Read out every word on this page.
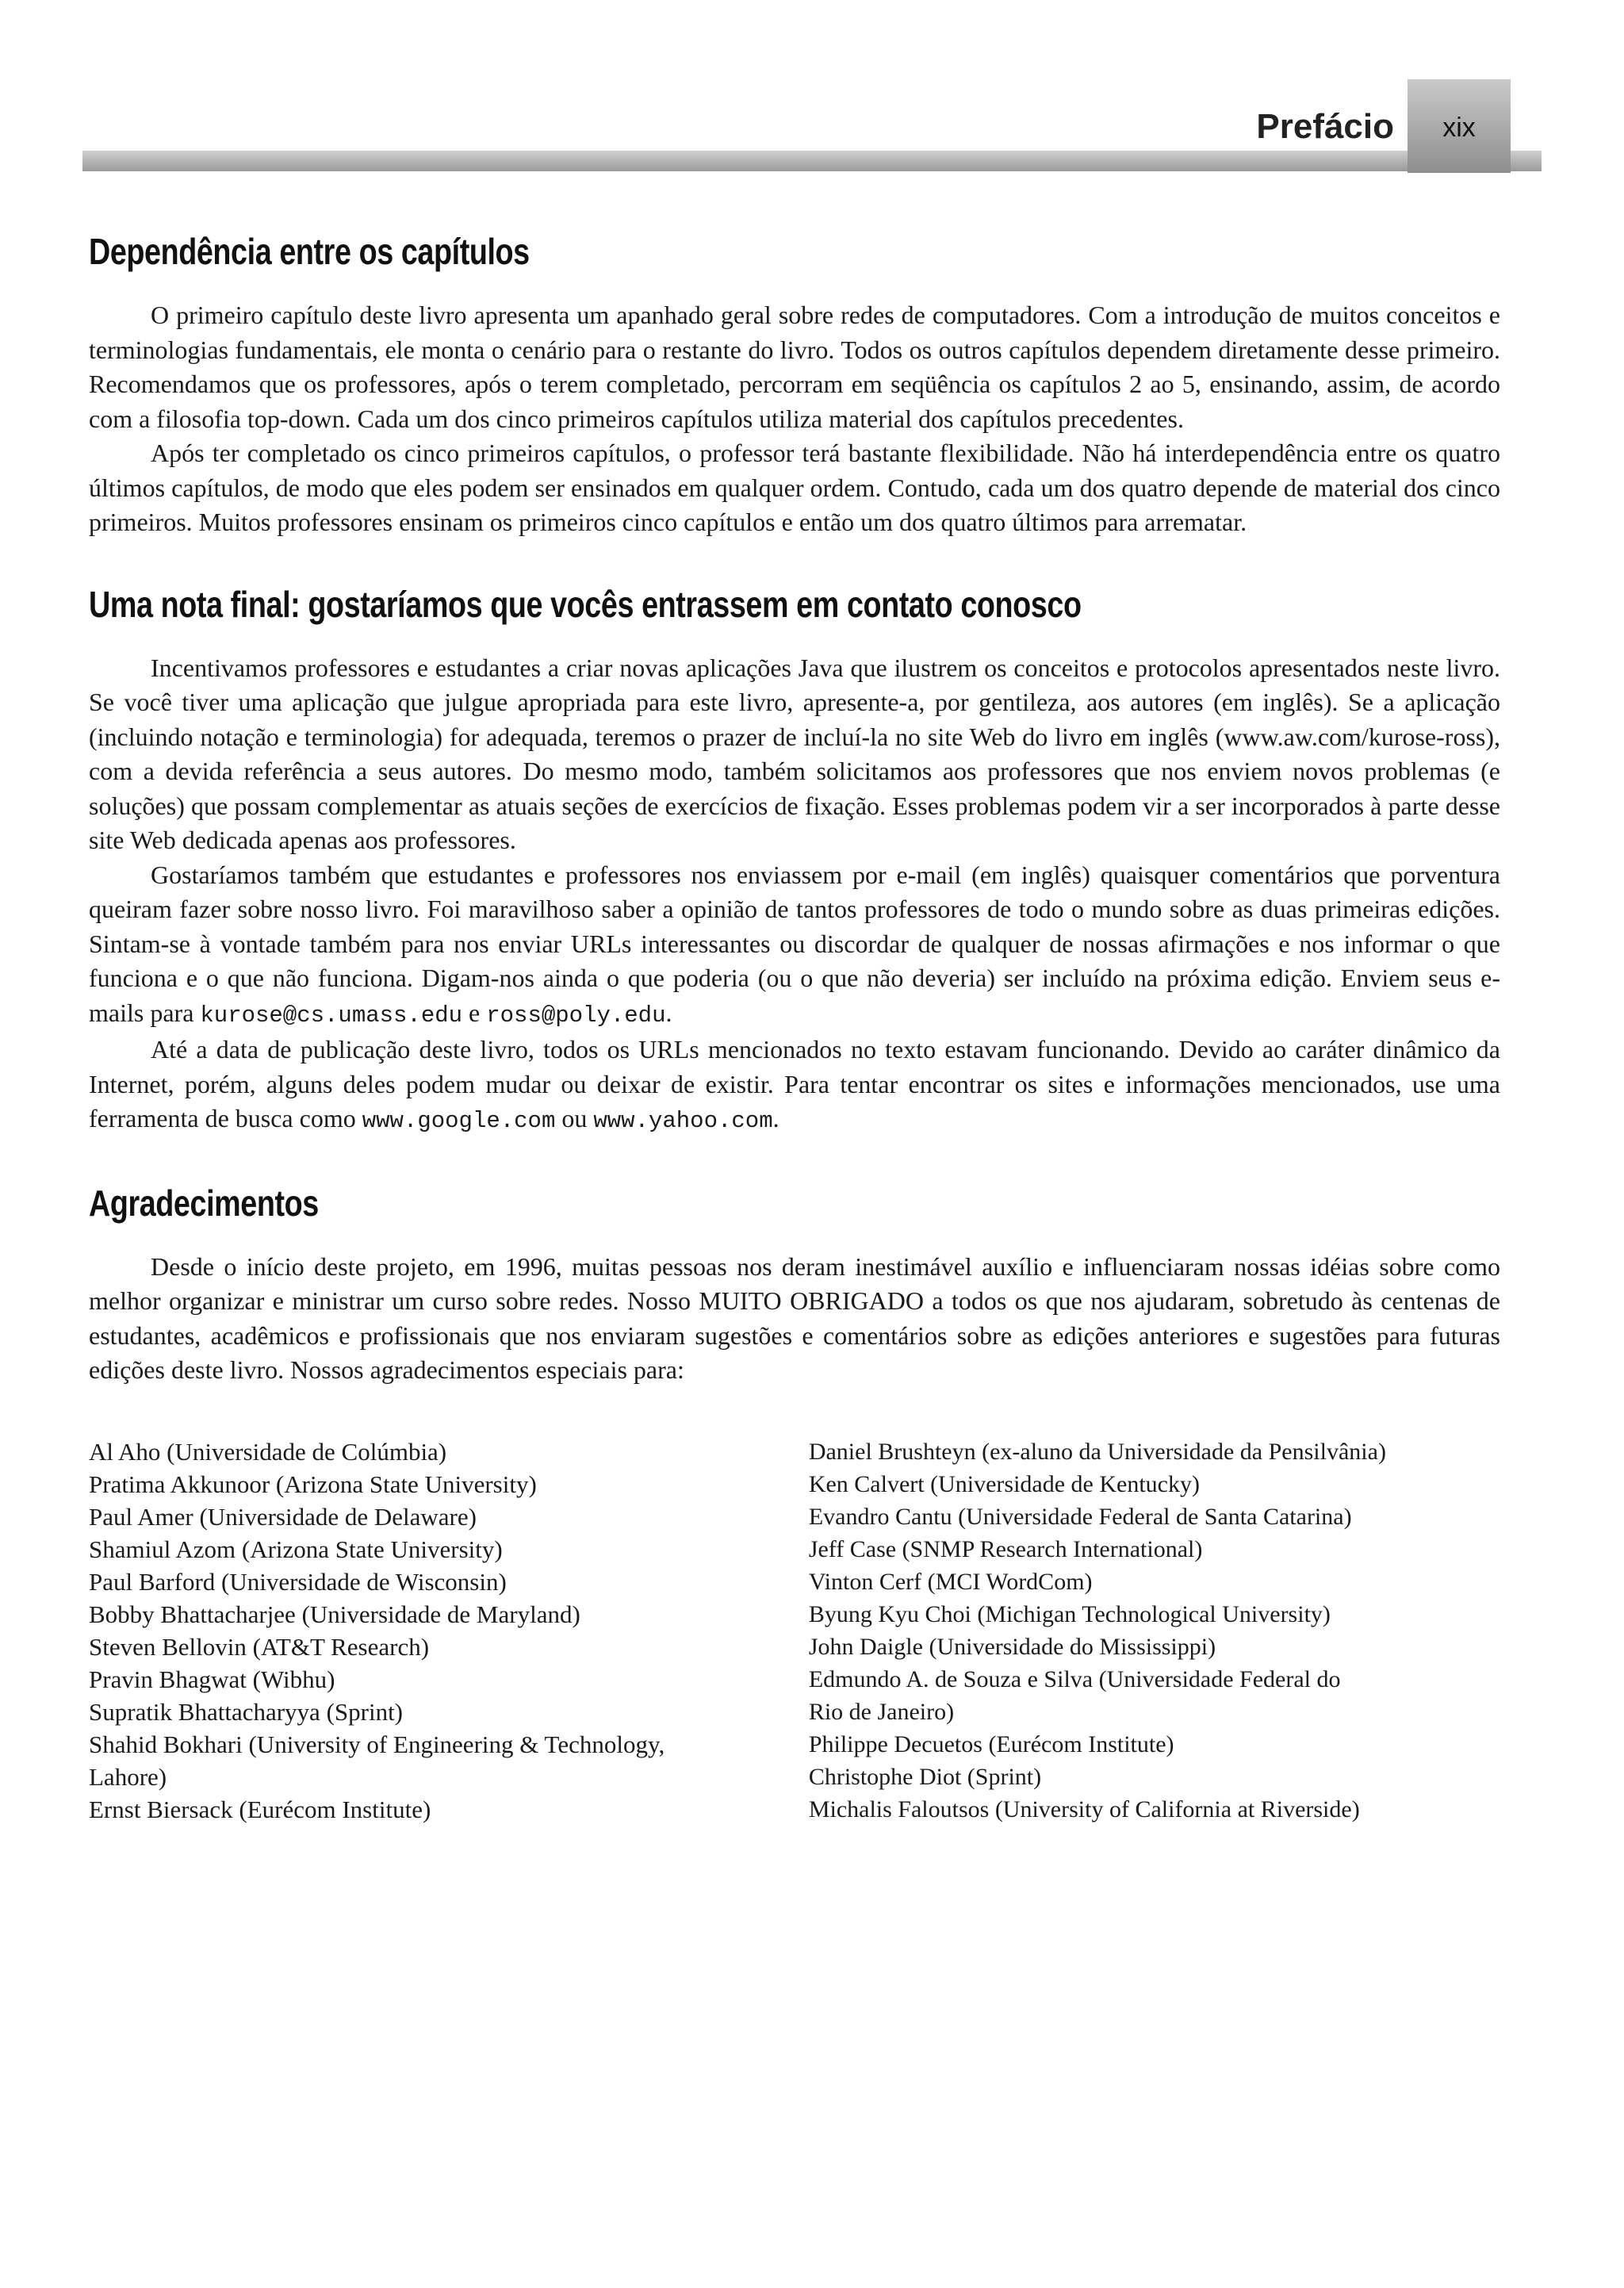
Prefácio	xix
Dependência entre os capítulos

O primeiro capítulo deste livro apresenta um apanhado geral sobre redes de computadores. Com a introdução de muitos conceitos e terminologias fundamentais, ele monta o cenário para o restante do livro. Todos os outros capítulos dependem diretamente desse primeiro. Recomendamos que os professores, após o terem completado, percorram em seqüência os capítulos 2 ao 5, ensinando, assim, de acordo com a filosofia top-down. Cada um dos cinco primeiros capítulos utiliza material dos capítulos precedentes.

Após ter completado os cinco primeiros capítulos, o professor terá bastante flexibilidade. Não há interdependência entre os quatro últimos capítulos, de modo que eles podem ser ensinados em qualquer ordem. Contudo, cada um dos quatro depende de material dos cinco primeiros. Muitos professores ensinam os primeiros cinco capítulos e então um dos quatro últimos para arrematar.

Uma nota final: gostaríamos que vocês entrassem em contato conosco

Incentivamos professores e estudantes a criar novas aplicações Java que ilustrem os conceitos e protocolos apresentados neste livro. Se você tiver uma aplicação que julgue apropriada para este livro, apresente-a, por gentileza, aos autores (em inglês). Se a aplicação (incluindo notação e terminologia) for adequada, teremos o prazer de incluí-la no site Web do livro em inglês (www.aw.com/kurose-ross), com a devida referência a seus autores. Do mesmo modo, também solicitamos aos professores que nos enviem novos problemas (e soluções) que possam complementar as atuais seções de exercícios de fixação. Esses problemas podem vir a ser incorporados à parte desse site Web dedicada apenas aos professores.

Gostaríamos também que estudantes e professores nos enviassem por e-mail (em inglês) quaisquer comentários que porventura queiram fazer sobre nosso livro. Foi maravilhoso saber a opinião de tantos professores de todo o mundo sobre as duas primeiras edições. Sintam-se à vontade também para nos enviar URLs interessantes ou discordar de qualquer de nossas afirmações e nos informar o que funciona e o que não funciona. Digam-nos ainda o que poderia (ou o que não deveria) ser incluído na próxima edição. Enviem seus e-mails para kurose@cs.umass.edu e ross@poly.edu.

Até a data de publicação deste livro, todos os URLs mencionados no texto estavam funcionando. Devido ao caráter dinâmico da Internet, porém, alguns deles podem mudar ou deixar de existir. Para tentar encontrar os sites e informações mencionados, use uma ferramenta de busca como www.google.com ou www.yahoo.com.

Agradecimentos

Desde o início deste projeto, em 1996, muitas pessoas nos deram inestimável auxílio e influenciaram nossas idéias sobre como melhor organizar e ministrar um curso sobre redes. Nosso MUITO OBRIGADO a todos os que nos ajudaram, sobretudo às centenas de estudantes, acadêmicos e profissionais que nos enviaram sugestões e comentários sobre as edições anteriores e sugestões para futuras edições deste livro. Nossos agradecimentos especiais para:

Al Aho (Universidade de Colúmbia)
Pratima Akkunoor (Arizona State University)
Paul Amer (Universidade de Delaware)
Shamiul Azom (Arizona State University)
Paul Barford (Universidade de Wisconsin)
Bobby Bhattacharjee (Universidade de Maryland)
Steven Bellovin (AT&T Research)
Pravin Bhagwat (Wibhu)
Supratik Bhattacharyya (Sprint)
Shahid Bokhari (University of Engineering & Technology,
Lahore)
Ernst Biersack (Eurécom Institute)
Daniel Brushteyn (ex-aluno da Universidade da Pensilvânia)
Ken Calvert (Universidade de Kentucky)
Evandro Cantu (Universidade Federal de Santa Catarina)
Jeff Case (SNMP Research International)
Vinton Cerf (MCI WordCom)
Byung Kyu Choi (Michigan Technological University)
John Daigle (Universidade do Mississippi)
Edmundo A. de Souza e Silva (Universidade Federal do
Rio de Janeiro)
Philippe Decuetos (Eurécom Institute)
Christophe Diot (Sprint)
Michalis Faloutsos (University of California at Riverside)
